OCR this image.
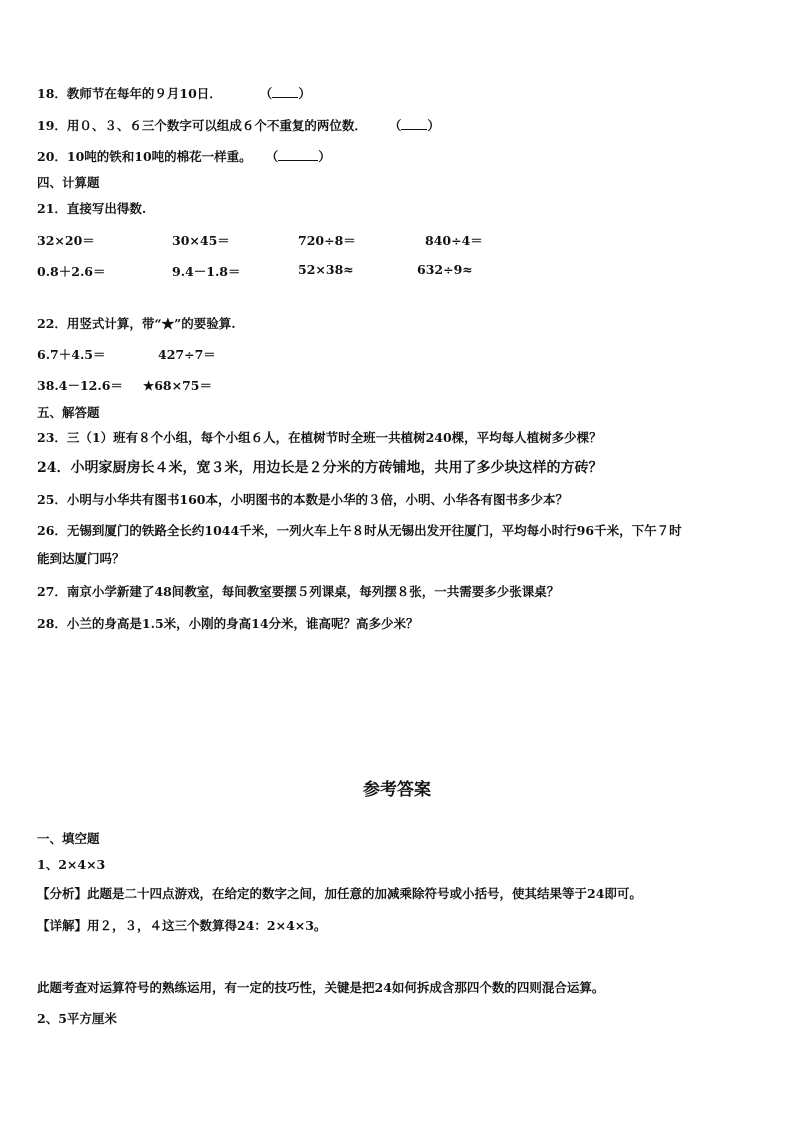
18．教师节在每年的９月10日．	（ ）
19．用０、３、６三个数字可以组成６个不重复的两位数． （ ）
20．10吨的铁和10吨的棉花一样重。 （	）
四、计算题
21．直接写出得数.
32×20＝	30×45＝	720÷8＝	840÷4＝
0.8＋2.6＝	9.4－1.8＝	52×38≈	632÷9≈
22．用竖式计算，带“★”的要验算.
6.7＋4.5＝	427÷7＝
38.4－12.6＝ ★68×75＝
五、解答题
23．三（1）班有８个小组，每个小组６人，在植树节时全班一共植树240棵，平均每人植树多少棵？
24．小明家厨房长４米，宽３米，用边长是２分米的方砖铺地，共用了多少块这样的方砖？
25．小明与小华共有图书160本，小明图书的本数是小华的３倍，小明、小华各有图书多少本？
26．无锡到厦门的铁路全长约1044千米，一列火车上午８时从无锡出发开往厦门，平均每小时行96千米，下午７时
能到达厦门吗？
27．南京小学新建了48间教室，每间教室要摆５列课桌，每列摆８张，一共需要多少张课桌？
28．小兰的身高是1.5米，小刚的身高14分米，谁高呢？高多少米？
参考答案
一、填空题
1、2×4×3
【分析】此题是二十四点游戏，在给定的数字之间，加任意的加减乘除符号或小括号，使其结果等于24即可。
【详解】用２，３，４这三个数算得24：2×4×3。
此题考查对运算符号的熟练运用，有一定的技巧性，关键是把24如何拆成含那四个数的四则混合运算。
2、5平方厘米
